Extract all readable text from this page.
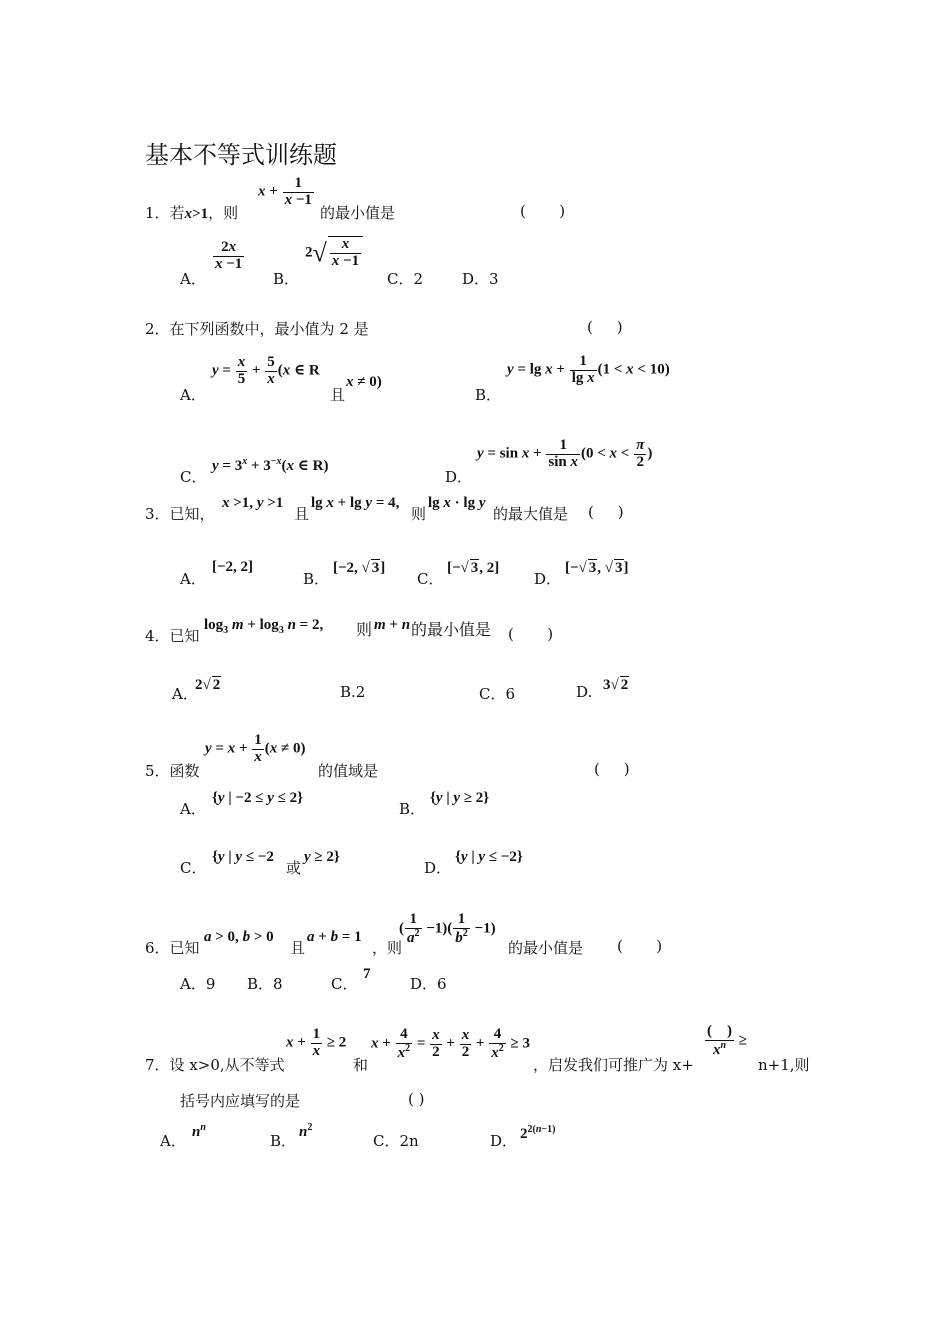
基本不等式训练题
1．若x>1，则
$x + \frac{1}{x -1}$
的最小值是	(       )
A．
$\frac{2x}{x -1}$
B．
$2√ \frac{x}{x -1}$
C．2	D．3
2．在下列函数中，最小值为 2 是	(     )
A．
$y = \frac{x}{5} + \frac{5}{x} (x$ ∈ R
且
x ≠ 0)
B．
$y = \lg x + \frac{1}{\text{lg x}} (1 < x < 10)$
C．
$y = 3^x + 3^{-x}(x$ ∈ R)
D．
$y = \sin x + \frac{1}{\text{sin x}} (0 < x < \frac{\pi}{2}$ )
3．已知，
x >1, y >1
且
lg x + lg y = 4,
则
lg x · lg y
的最大值是 (     )
A．
[−2, 2]
B．
[−2, √ 3]
C．
[−√ 3, 2]
D．
[−√ 3, √ 3]
4．已知
$\log_3 m + \log_3 n = 2$, 则 m + n 的最小值是 (       )
A．
2√ 2	B.2	C．6	D. 3√ 2
5．函数
$y = x + \frac{1}{x} (x \ne 0)$
的值域是	(     )
A．
{y | −2 ≤ y ≤ 2}
B．
{y | y ≥ 2}
C．
{y | y ≤ −2
或
y ≥ 2}
D．
{y | y ≤ −2}
6．已知
a > 0, b > 0
且
a + b = 1
，则
( $\frac{1}{a^2} -1)( \frac{1}{b^2} -1)$
的最小值是 (       )
A．9 B．8	C．
7
D．6
7．设 x>0,从不等式
$x + \frac{1}{x} \ge 2$
和
$x + \frac{4}{x^2} = \frac{x}{2} + \frac{x}{2} + \frac{4}{x^2} \ge 3$
，启发我们可推广为 x+
$\frac{( )}{x^n}$ ≥
n+1,则
括号内应填写的是	( )
A． $n^n$
B． $n^2$
C．2n	D． $2^{2(n-1)}$
